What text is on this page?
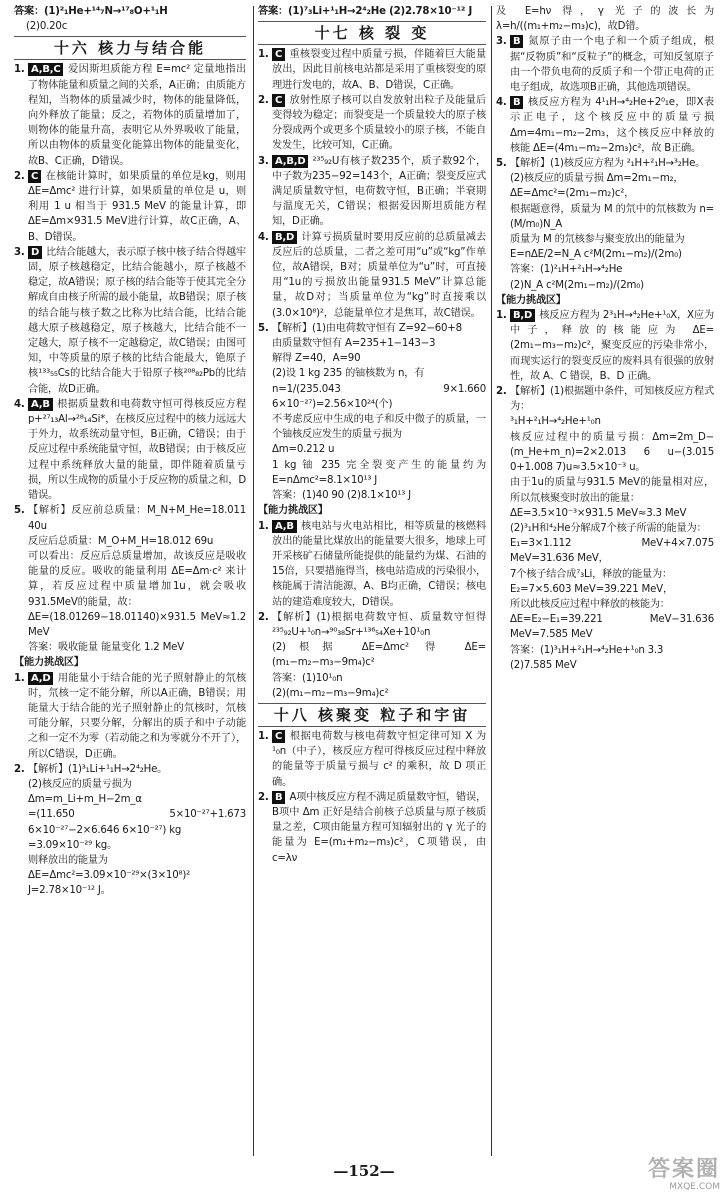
答案：(1)²₁He+¹⁴₇N→¹⁷₈O+¹₁H

(2)0.20c

十六 核力与结合能
1. A,B,C 爱因斯坦质能方程 E=mc² 定量地指出了物体能量和质量之间的关系，A正确；由质能方程知，当物体的质量减少时，物体的能量降低，向外释放了能量；反之，若物体的质量增加了，则物体的能量升高，表明它从外界吸收了能量，所以由物体的质量变化能算出物体的能量变化，故B、C正确，D错误。

2. C 在核能计算时，如果质量的单位是kg，则用 ΔE=Δmc² 进行计算，如果质量的单位是 u，则利用 1 u 相当于 931.5 MeV 的能量计算，即 ΔE=Δm×931.5 MeV进行计算，故C正确，A、B、D错误。

3. D 比结合能越大，表示原子核中核子结合得越牢固，原子核越稳定，比结合能越小，原子核越不稳定，故A错误；原子核的结合能等于使其完全分解成自由核子所需的最小能量，故B错误；原子核的结合能与核子数之比称为比结合能，比结合能越大原子核越稳定，原子核越大，比结合能不一定越大，原子核不一定越稳定，故C错误；由图可知，中等质量的原子核的比结合能最大，铯原子核¹³³₅₅Cs的比结合能大于铅原子核²⁰⁸₈₂Pb的比结合能，故D正确。

4. A,B 根据质量数和电荷数守恒可得核反应方程p+²⁷₁₃Al→²⁸₁₄Si*，在核反应过程中的核力远远大于外力，故系统动量守恒，B正确，C错误；由于反应过程中系统能量守恒，故B错误；由于核反应过程中系统释放大量的能量，即伴随着质量亏损，所以生成物的质量小于反应物的质量之和，D错误。

5. 【解析】反应前总质量：M_N+M_He=18.011 40u
反应后总质量：M_O+M_H=18.012 69u
可以看出：反应后总质量增加，故该反应是吸收能量的反应。吸收的能量利用 ΔE=Δm·c² 来计算，若反应过程中质量增加1u，就会吸收931.5MeV的能量，故：
ΔE=(18.01269−18.01140)×931.5 MeV≈1.2 MeV
答案：吸收能量 能量变化 1.2 MeV

【能力挑战区】
1. A,D 用能量小于结合能的光子照射静止的氘核时，氘核一定不能分解，所以A正确，B错误；用能量大于结合能的光子照射静止的氘核时，氘核可能分解，只要分解，分解出的质子和中子动能之和一定不为零（若动能之和为零就分不开了），所以C错误，D正确。

2. 【解析】(1)³₁Li+¹₁H→2⁴₂He。
(2)核反应的质量亏损为
Δm=m_Li+m_H−2m_α
=(11.650 5×10⁻²⁷+1.673 6×10⁻²⁷−2×6.646 6×10⁻²⁷) kg
=3.09×10⁻²⁹ kg。
则释放出的能量为
ΔE=Δmc²=3.09×10⁻²⁹×(3×10⁸)² J=2.78×10⁻¹² J。

答案：(1)⁷₃Li+¹₁H→2⁴₂He (2)2.78×10⁻¹² J

十七 核 裂 变
1. C 重核裂变过程中质量亏损，伴随着巨大能量放出，因此目前核电站都是采用了重核裂变的原理进行发电的，故A、B、D错误，C正确。

2. C 放射性原子核可以自发放射出粒子及能量后变得较为稳定；而裂变是一个质量较大的原子核分裂成两个或更多个质量较小的原子核，不能自发发生，比较可知，C正确。

3. A,B,D ²³⁵₉₂U有核子数235个，质子数92个，中子数为235−92=143个，A正确；裂变反应式满足质量数守恒，电荷数守恒，B正确；半衰期与温度无关，C错误；根据爱因斯坦质能方程知，D正确。

4. B,D 计算亏损质量时要用反应前的总质量减去反应后的总质量，二者之差可用“u”或“kg”作单位，故A错误，B对；质量单位为“u”时，可直接用“1u的亏损放出能量931.5 MeV”计算总能量，故D对；当质量单位为“kg”时直接乘以(3.0×10⁸)²，总能量单位才是焦耳，故C错误。

5. 【解析】(1)由电荷数守恒有 Z=92−60+8
由质量数守恒有 A=235+1−143−3
解得 Z=40，A=90
(2)设 1 kg 235 的铀核数为 n，有
n=1/(235.043 9×1.660 6×10⁻²⁷)=2.56×10²⁴(个)
不考虑反应中生成的电子和反中微子的质量，一个铀核反应发生的质量亏损为
Δm=0.212 u
1 kg 铀 235 完全裂变产生的能量约为 E=nΔmc²=8.1×10¹³ J
答案：(1)40 90 (2)8.1×10¹³ J

【能力挑战区】
1. A,B 核电站与火电站相比，相等质量的核燃料放出的能量比煤放出的能量要大很多，地球上可开采核矿石储量所能提供的能量约为煤、石油的15倍，只要措施得当，核电站造成的污染很小，核能属于清洁能源，A、B均正确，C错误；核电站的建造难度较大，D错误。

2. 【解析】(1)根据电荷数守恒、质量数守恒得 ²³⁵₉₂U+¹₀n→⁹⁰₃₈Sr+¹³⁶₅₄Xe+10¹₀n
(2)根据 ΔE=Δmc² 得 ΔE=(m₁−m₂−m₃−9m₄)c²
答案：(1)10¹₀n
(2)(m₁−m₂−m₃−9m₄)c²

十八 核聚变 粒子和宇宙
1. C 根据电荷数与核电荷数守恒定律可知 X 为 ¹₀n（中子），核反应方程可得核反应过程中释放的能量等于质量亏损与 c² 的乘积，故 D 项正确。

2. B A项中核反应方程不满足质量数守恒，错误，B项中 Δm 正好是结合前核子总质量与原子核质量之差，C项由能量方程可知辐射出的 γ 光子的能量为 E=(m₁+m₂−m₃)c²，C项错误，由 c=λν

及 E=hν 得，γ 光子的波长为 λ=h/((m₁+m₂−m₃)c)，故D错。

3. B 氮原子由一个电子和一个质子组成，根据“反物质”和“反粒子”的概念，可知反氢原子由一个带负电荷的反质子和一个带正电荷的正电子组成，故选项B正确，其他选项错误。

4. B 核反应方程为 4¹₁H→⁴₂He+2⁰₁e，即X表示正电子，这个核反应中的质量亏损 Δm=4m₁−m₂−2m₃，这个核反应中释放的核能 ΔE=(4m₁−m₂−2m₃)c²，故 B正确。

5. 【解析】(1)核反应方程为 ²₁H+²₁H→³₂He。
(2)核反应的质量亏损 Δm=2m₁−m₂，
ΔE=Δmc²=(2m₁−m₂)c²，
根据题意得，质量为 M 的氘中的氘核数为 n=(M/m₀)N_A
质量为 M 的氘核参与聚变放出的能量为
E=nΔE/2=N_A c²M(2m₁−m₂)/(2m₀)
答案：(1)²₁H+²₁H→⁴₂He
(2)N_A c²M(2m₁−m₂)/(2m₀)

【能力挑战区】
1. B,D 核反应方程为 2³₁H→⁴₂He+¹₀X，X应为中子，释放的核能应为 ΔE=(2m₁−m₃−m₂)c²，聚变反应的污染非常小，而现实运行的裂变反应的废料具有很强的放射性，故 A、C 错误，B、D 正确。

2. 【解析】(1)根据题中条件，可知核反应方程式为：
³₁H+²₁H→⁴₂He+¹₀n
核反应过程中的质量亏损：Δm=2m_D−(m_He+m_n)=2×2.013 6 u−(3.015 0+1.008 7)u≈3.5×10⁻³ u。
由于1u的质量与931.5 MeV的能量相对应，所以氘核聚变时放出的能量：
ΔE=3.5×10⁻³×931.5 MeV≈3.3 MeV
(2)³₁H和⁴₂He分解成7个核子所需的能量为：
E₁=3×1.112 MeV+4×7.075 MeV=31.636 MeV，
7个核子结合成⁷₃Li，释放的能量为：
E₂=7×5.603 MeV=39.221 MeV，
所以此核反应过程中释放的核能为：
ΔE=E₂−E₁=39.221 MeV−31.636 MeV=7.585 MeV
答案：(1)³₁H+²₁H→⁴₂He+¹₀n 3.3
(2)7.585 MeV

—152—	答案圈
MXQE.COM
